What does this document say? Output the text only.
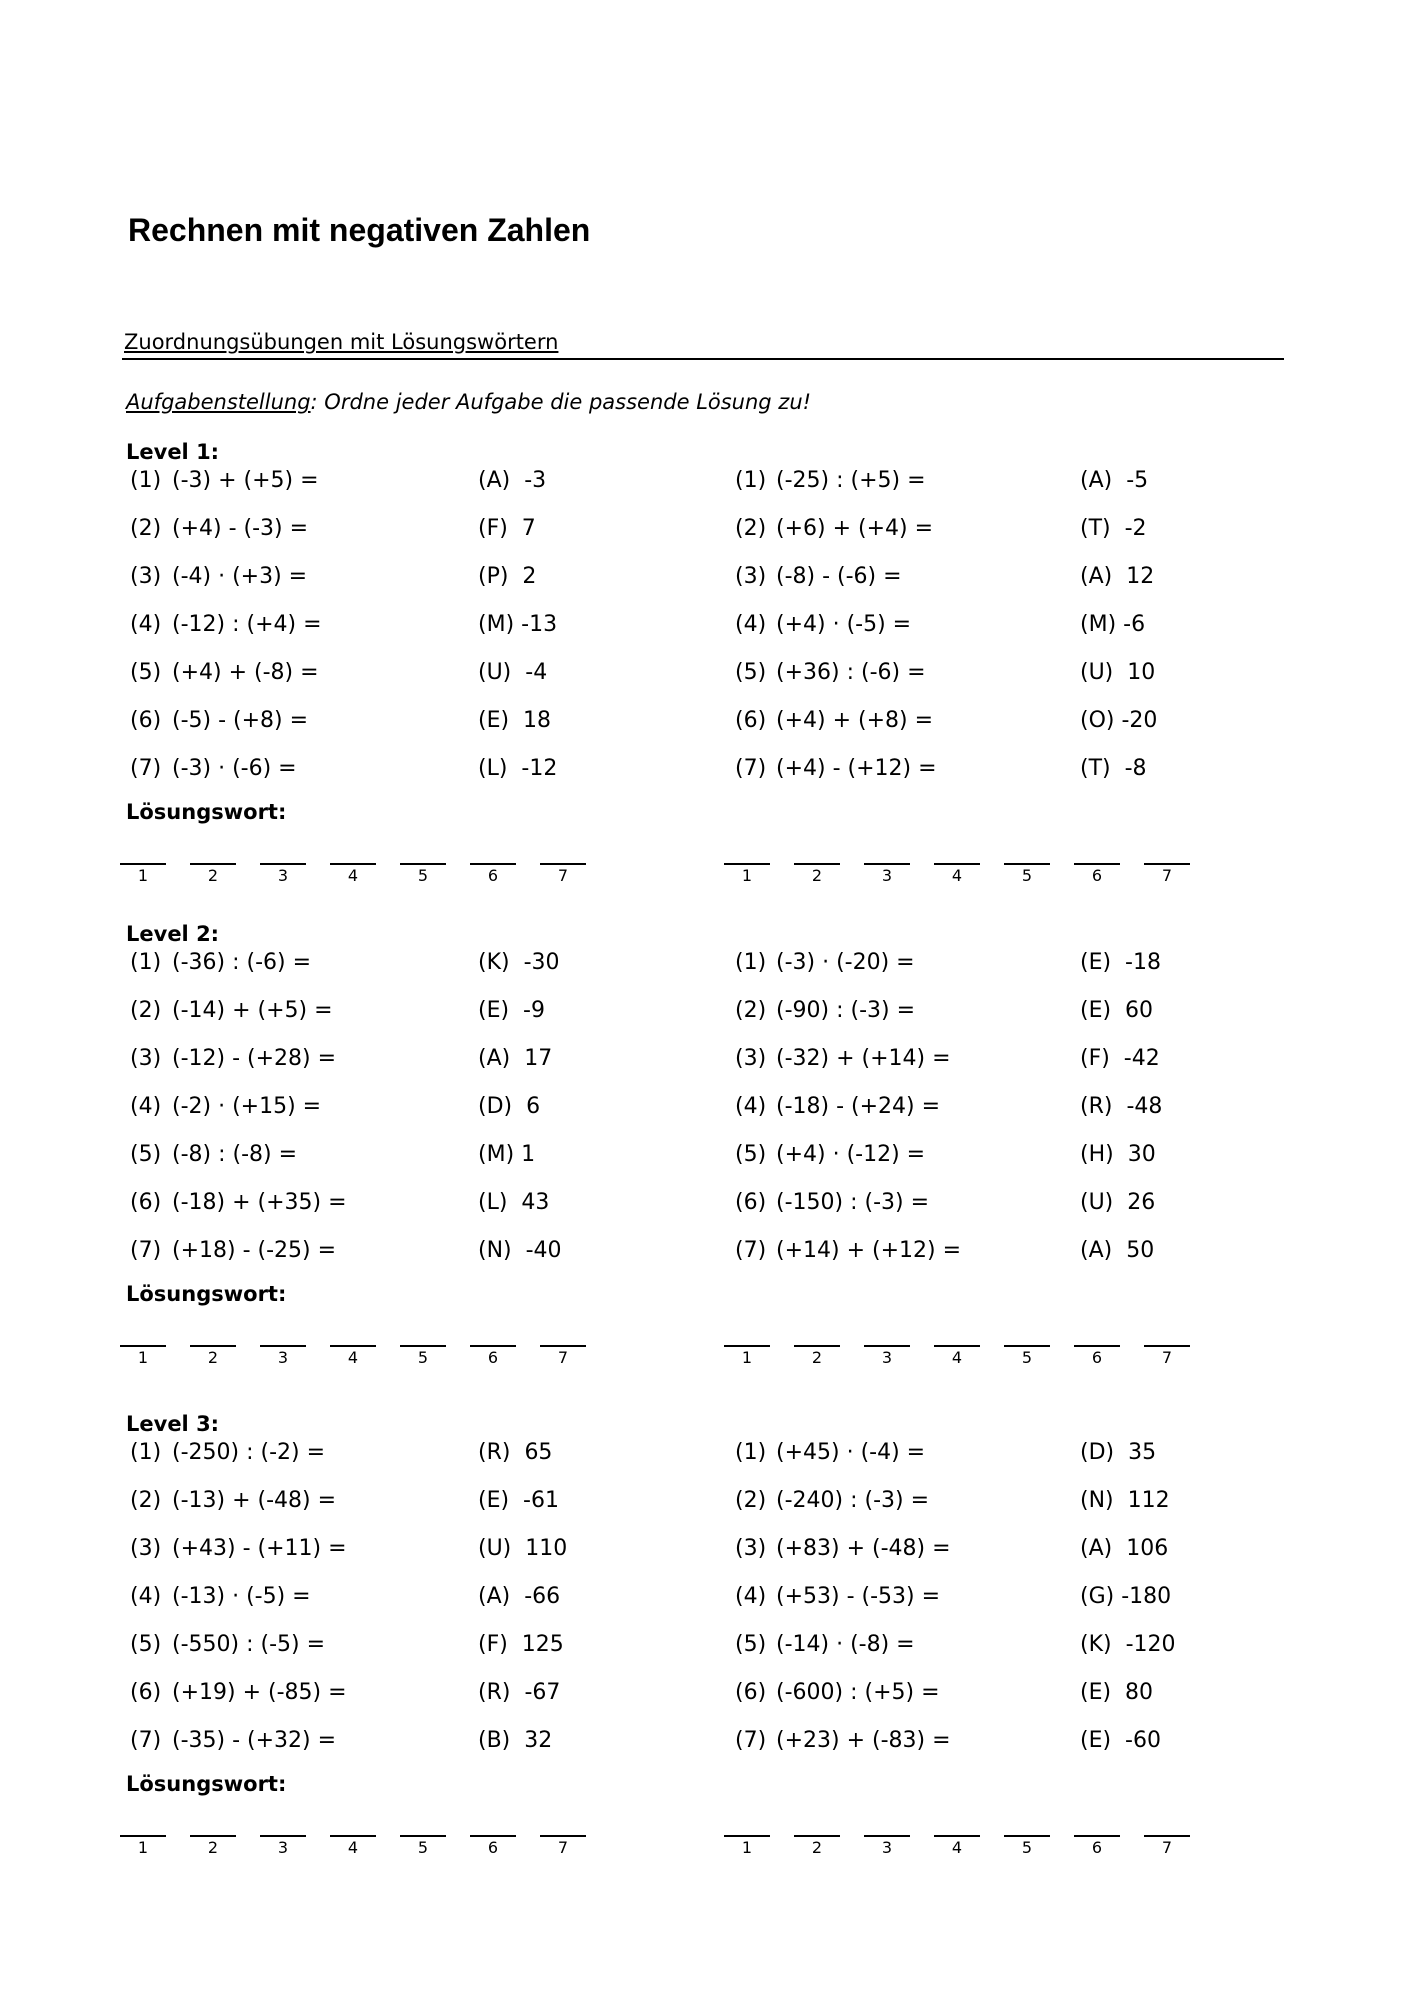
Rechnen mit negativen Zahlen
Zuordnungsübungen mit Lösungswörtern
Aufgabenstellung: Ordne jeder Aufgabe die passende Lösung zu!
Level 1:
(1) (-3) + (+5) =	(A)  -3
(2) (+4) - (-3) =	(F)  7
(3) (-4) · (+3) =	(P)  2
(4) (-12) : (+4) =	(M) -13
(5) (+4) + (-8) =	(U)  -4
(6) (-5) - (+8) =	(E)  18
(7) (-3) · (-6) =	(L)  -12
(1) (-25) : (+5) =	(A)  -5
(2) (+6) + (+4) =	(T)  -2
(3) (-8) - (-6) =	(A)  12
(4) (+4) · (-5) =	(M) -6
(5) (+36) : (-6) =	(U)  10
(6) (+4) + (+8) =	(O) -20
(7) (+4) - (+12) =	(T)  -8
Lösungswort:
1	2	3	4	5	6	7	1	2	3	4	5	6	7
Level 2:
(1) (-36) : (-6) =	(K)  -30
(2) (-14) + (+5) =	(E)  -9
(3) (-12) - (+28) =	(A)  17
(4) (-2) · (+15) =	(D)  6
(5) (-8) : (-8) =	(M) 1
(6) (-18) + (+35) =	(L)  43
(7) (+18) - (-25) =	(N)  -40
(1) (-3) · (-20) =	(E)  -18
(2) (-90) : (-3) =	(E)  60
(3) (-32) + (+14) =	(F)  -42
(4) (-18) - (+24) =	(R)  -48
(5) (+4) · (-12) =	(H)  30
(6) (-150) : (-3) =	(U)  26
(7) (+14) + (+12) =	(A)  50
Lösungswort:
1	2	3	4	5	6	7	1	2	3	4	5	6	7
Level 3:
(1) (-250) : (-2) =	(R)  65
(2) (-13) + (-48) =	(E)  -61
(3) (+43) - (+11) =	(U)  110
(4) (-13) · (-5) =	(A)  -66
(5) (-550) : (-5) =	(F)  125
(6) (+19) + (-85) =	(R)  -67
(7) (-35) - (+32) =	(B)  32
(1) (+45) · (-4) =	(D)  35
(2) (-240) : (-3) =	(N)  112
(3) (+83) + (-48) =	(A)  106
(4) (+53) - (-53) =	(G) -180
(5) (-14) · (-8) =	(K)  -120
(6) (-600) : (+5) =	(E)  80
(7) (+23) + (-83) =	(E)  -60
Lösungswort:
1	2	3	4	5	6	7	1	2	3	4	5	6	7
